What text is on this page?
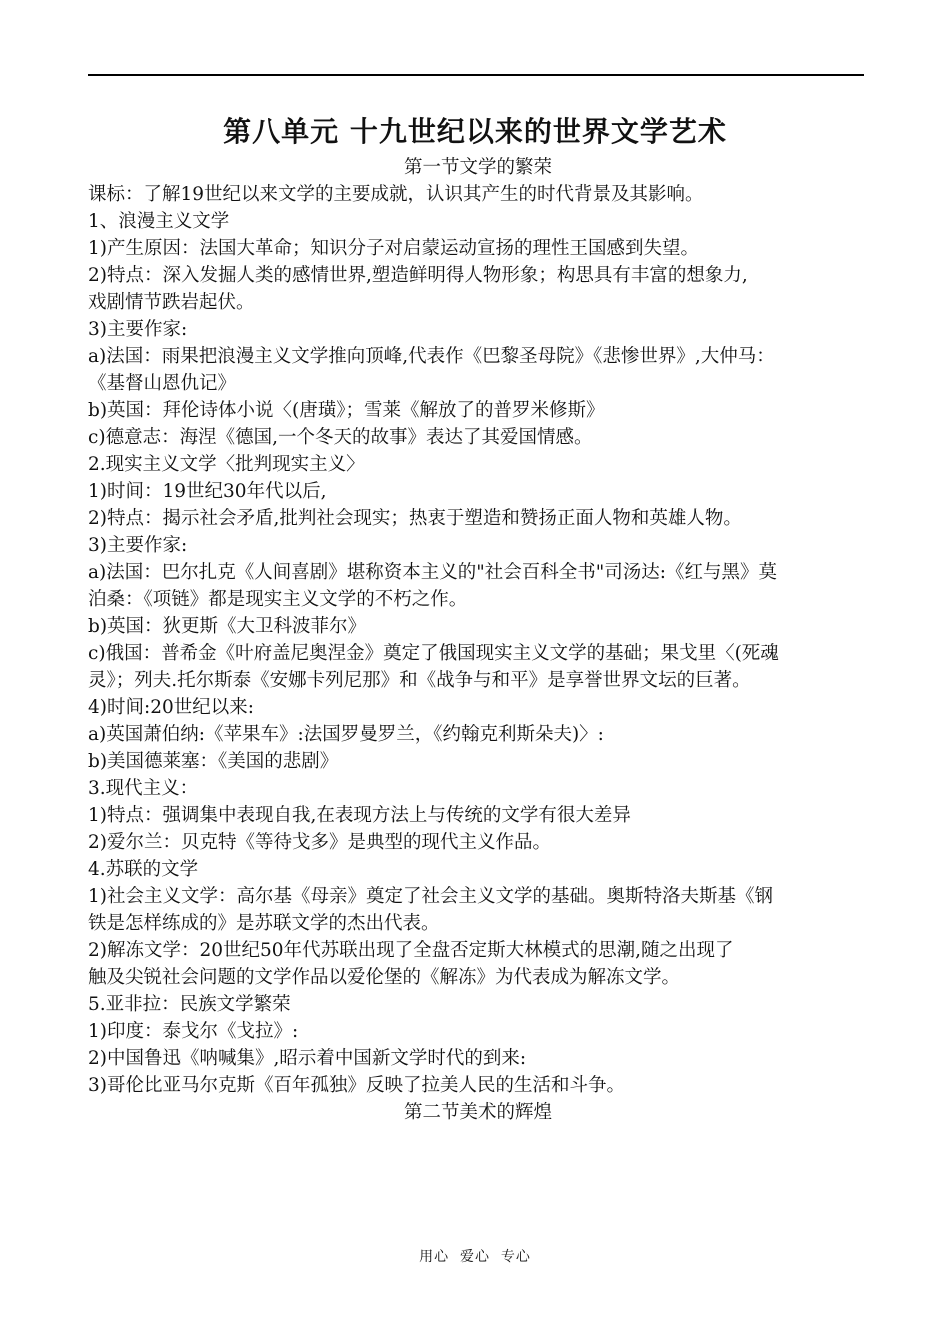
第八单元 十九世纪以来的世界文学艺术
第一节文学的繁荣
课标：了解19世纪以来文学的主要成就，认识其产生的时代背景及其影响。
1、浪漫主义文学
1)产生原因：法国大革命；知识分子对启蒙运动宣扬的理性王国感到失望。
2)特点：深入发掘人类的感情世界,塑造鲜明得人物形象；构思具有丰富的想象力,
戏剧情节跌岩起伏。
3)主要作家:
a)法国：雨果把浪漫主义文学推向顶峰,代表作《巴黎圣母院》《悲惨世界》,大仲马：
《基督山恩仇记》
b)英国：拜伦诗体小说〈(唐璜》；雪莱《解放了的普罗米修斯》
c)德意志：海涅《德国,一个冬天的故事》表达了其爱国情感。
2.现实主义文学〈批判现实主义〉
1)时间：19世纪30年代以后,
2)特点：揭示社会矛盾,批判社会现实；热衷于塑造和赞扬正面人物和英雄人物。
3)主要作家:
a)法国：巴尔扎克《人间喜剧》堪称资本主义的"社会百科全书"司汤达:《红与黑》莫
泊桑：《项链》都是现实主义文学的不朽之作。
b)英国：狄更斯《大卫科波菲尔》
c)俄国：普希金《叶府盖尼奥涅金》奠定了俄国现实主义文学的基础；果戈里〈(死魂
灵》；列夫.托尔斯泰《安娜卡列尼那》和《战争与和平》是享誉世界文坛的巨著。
4)时间:20世纪以来:
a)英国萧伯纳:《苹果车》:法国罗曼罗兰，《约翰克利斯朵夫)〉:
b)美国德莱塞：《美国的悲剧》
3.现代主义：
1)特点：强调集中表现自我,在表现方法上与传统的文学有很大差异
2)爱尔兰：贝克特《等待戈多》是典型的现代主义作品。
4.苏联的文学
1)社会主义文学：高尔基《母亲》奠定了社会主义文学的基础。奥斯特洛夫斯基《钢
铁是怎样练成的》是苏联文学的杰出代表。
2)解冻文学：20世纪50年代苏联出现了全盘否定斯大林模式的思潮,随之出现了
触及尖锐社会问题的文学作品以爱伦堡的《解冻》为代表成为解冻文学。
5.亚非拉：民族文学繁荣
1)印度：泰戈尔《戈拉》:
2)中国鲁迅《呐喊集》,昭示着中国新文学时代的到来:
3)哥伦比亚马尔克斯《百年孤独》反映了拉美人民的生活和斗争。
第二节美术的辉煌
用心  爱心  专心
